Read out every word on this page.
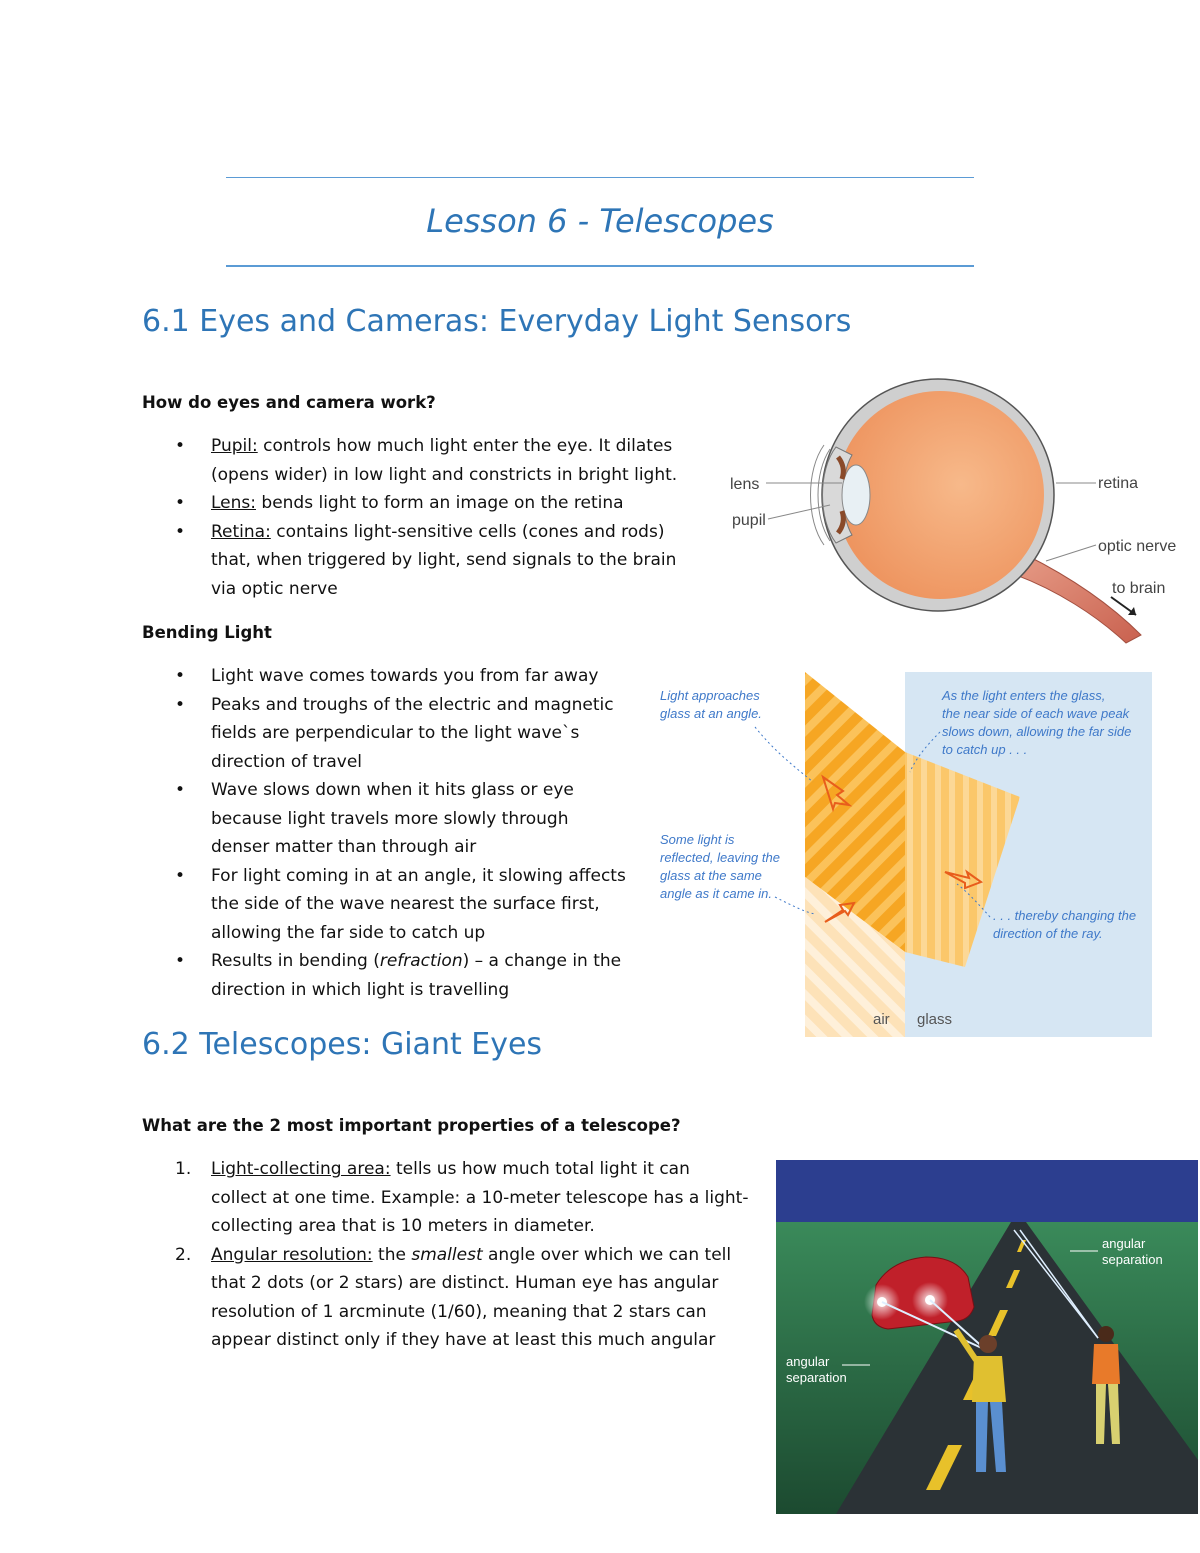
Lesson 6 - Telescopes
6.1 Eyes and Cameras: Everyday Light Sensors
How do eyes and camera work?
• Pupil: controls how much light enter the eye. It dilates
(opens wider) in low light and constricts in bright light.
• Lens: bends light to form an image on the retina
• Retina: contains light-sensitive cells (cones and rods)
that, when triggered by light, send signals to the brain
via optic nerve
lens
pupil
retina
optic nerve
to brain
Bending Light
• Light wave comes towards you from far away
• Peaks and troughs of the electric and magnetic
fields are perpendicular to the light wave`s
direction of travel
• Wave slows down when it hits glass or eye
because light travels more slowly through
denser matter than through air
• For light coming in at an angle, it slowing affects
the side of the wave nearest the surface first,
allowing the far side to catch up
• Results in bending (refraction) – a change in the
direction in which light is travelling
Light approaches
glass at an angle.
As the light enters the glass,
the near side of each wave peak
slows down, allowing the far side
to catch up . . .
Some light is
reflected, leaving the
glass at the same
angle as it came in.
. . . thereby changing the
direction of the ray.
air glass
6.2 Telescopes: Giant Eyes
What are the 2 most important properties of a telescope?
1. Light-collecting area: tells us how much total light it can
collect at one time. Example: a 10-meter telescope has a light-
collecting area that is 10 meters in diameter.
2. Angular resolution: the smallest angle over which we can tell
that 2 dots (or 2 stars) are distinct. Human eye has angular
resolution of 1 arcminute (1/60), meaning that 2 stars can
appear distinct only if they have at least this much angular
angular
separation
angular
separation
